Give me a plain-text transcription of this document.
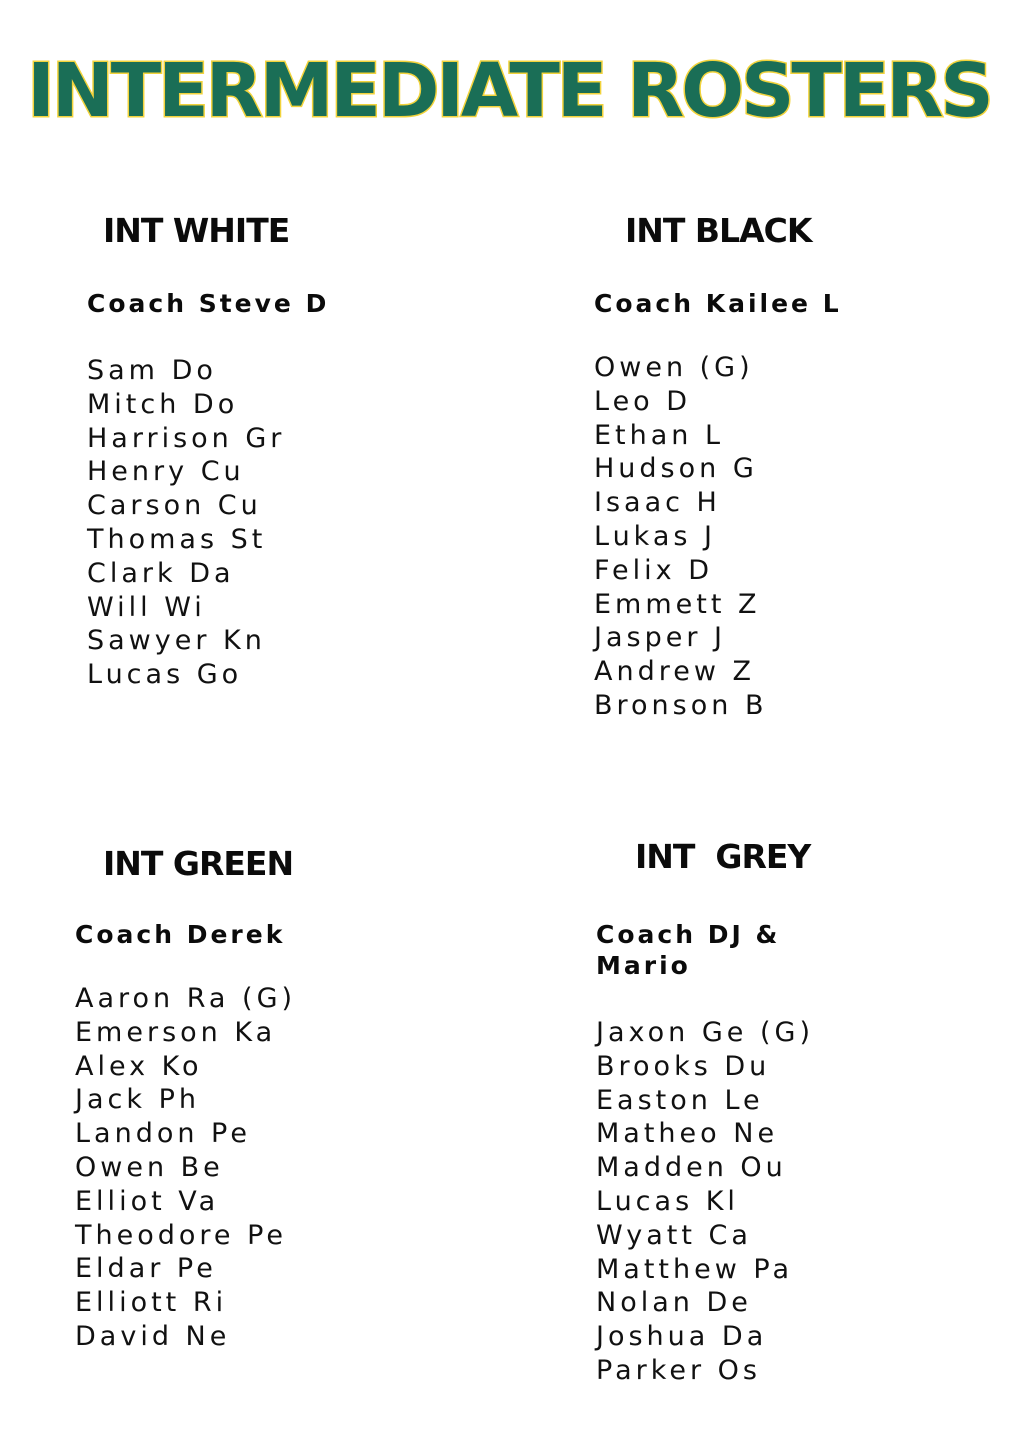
INTERMEDIATE ROSTERS
INT WHITE
Coach Steve D
Sam Do
Mitch Do
Harrison Gr
Henry Cu
Carson Cu
Thomas St
Clark Da
Will Wi
Sawyer Kn
Lucas Go
INT BLACK
Coach Kailee L
Owen (G)
Leo D
Ethan L
Hudson G
Isaac H
Lukas J
Felix D
Emmett Z
Jasper J
Andrew Z
Bronson B
INT GREEN
Coach Derek
Aaron Ra (G)
Emerson Ka
Alex Ko
Jack Ph
Landon Pe
Owen Be
Elliot Va
Theodore Pe
Eldar Pe
Elliott Ri
David Ne
INT  GREY
Coach DJ &
Mario
Jaxon Ge (G)
Brooks Du
Easton Le
Matheo Ne
Madden Ou
Lucas Kl
Wyatt Ca
Matthew Pa
Nolan De
Joshua Da
Parker Os
